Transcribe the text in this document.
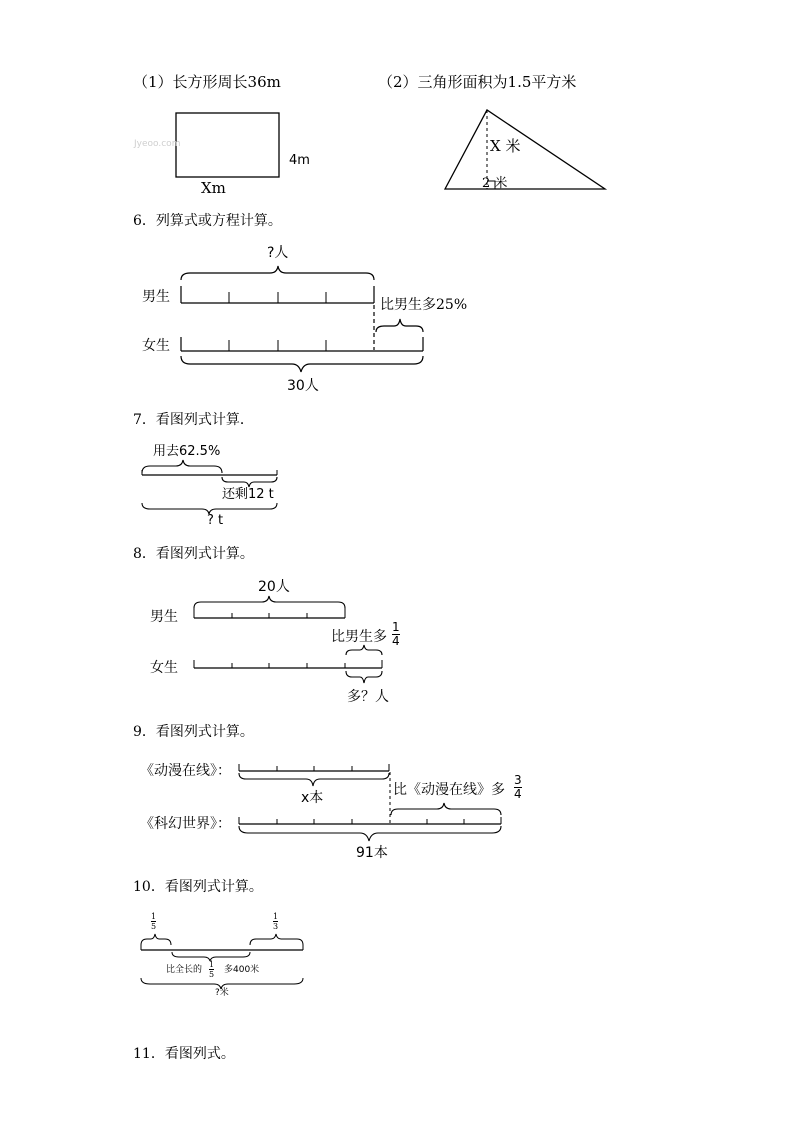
（1）长方形周长36m	（2）三角形面积为1.5平方米
Jyeoo.com
Xm
4m
X 米
2 米
6．列算式或方程计算。
?人
男生
女生
比男生多25%
30人
7．看图列式计算．
用去62.5%
还剩12 t
? t
8．看图列式计算。
20人
男生
女生
比男生多
1
4
多？人
9．看图列式计算。
《动漫在线》：
《科幻世界》：
x本	比《动漫在线》多
3
4
91本
10．看图列式计算。
1
5
1
3
比全长的
1
5 多400米
?米
11．看图列式。
